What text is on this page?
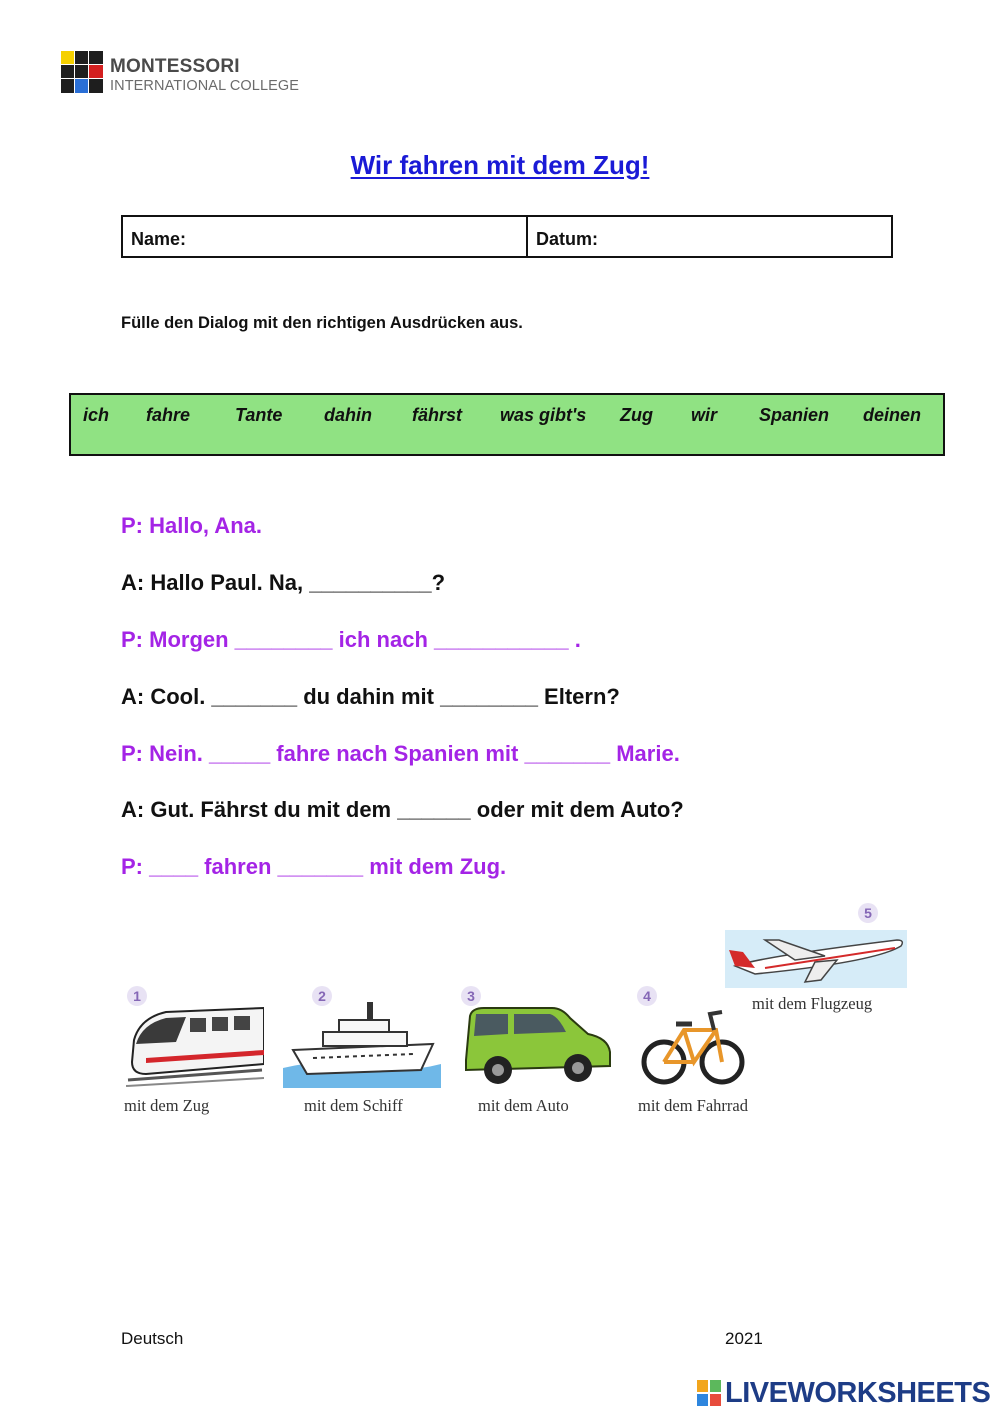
MONTESSORI
INTERNATIONAL COLLEGE
Wir fahren mit dem Zug!
Name:	Datum:
Fülle den Dialog mit den richtigen Ausdrücken aus.
ich fahre Tante dahin fährst was gibt's Zug wir Spanien deinen
P: Hallo, Ana.
A: Hallo Paul. Na, __________?
P: Morgen ________ ich nach ___________ .
A: Cool. _______ du dahin mit ________ Eltern?
P: Nein. _____ fahre nach Spanien mit _______ Marie.
A: Gut. Fährst du mit dem ______ oder mit dem Auto?
P: ____ fahren _______ mit dem Zug.
1
mit dem Zug
2
mit dem Schiff
3
mit dem Auto
4
mit dem Fahrrad
5
mit dem Flugzeug
Deutsch	2021
LIVEWORKSHEETS
